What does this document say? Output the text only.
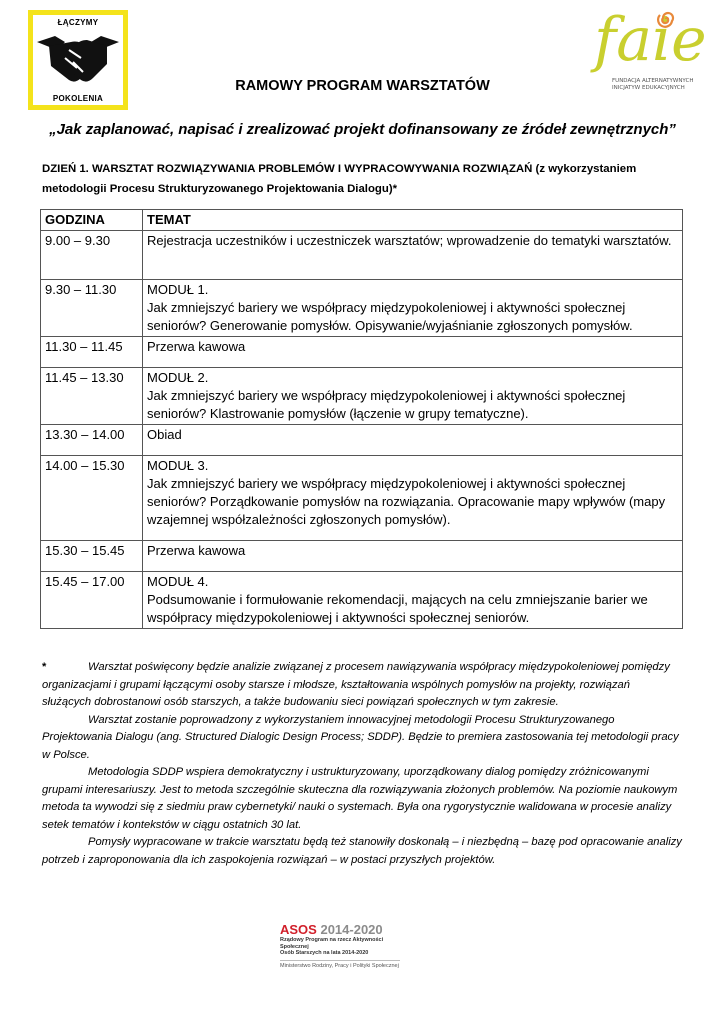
ŁĄCZYMY
POKOLENIA
faie
FUNDACJA ALTERNATYWNYCH
INICJATYW EDUKACYJNYCH
RAMOWY PROGRAM WARSZTATÓW
„Jak zaplanować, napisać i zrealizować projekt dofinansowany ze źródeł zewnętrznych”
DZIEŃ 1. WARSZTAT ROZWIĄZYWANIA PROBLEMÓW I WYPRACOWYWANIA ROZWIĄZAŃ (z wykorzystaniem metodologii Procesu Strukturyzowanego Projektowania Dialogu)*
GODZINA	TEMAT
9.00 – 9.30	Rejestracja uczestników i uczestniczek warsztatów; wprowadzenie do tematyki warsztatów.

9.30 – 11.30	MODUŁ 1.
Jak zmniejszyć bariery we współpracy międzypokoleniowej i aktywności społecznej seniorów? Generowanie pomysłów. Opisywanie/wyjaśnianie zgłoszonych pomysłów.

11.30 – 11.45	Przerwa kawowa

11.45 – 13.30	MODUŁ 2.
Jak zmniejszyć bariery we współpracy międzypokoleniowej i aktywności społecznej seniorów? Klastrowanie pomysłów (łączenie w grupy tematyczne).

13.30 – 14.00	Obiad

14.00 – 15.30	MODUŁ 3.
Jak zmniejszyć bariery we współpracy międzypokoleniowej i aktywności społecznej seniorów? Porządkowanie pomysłów na rozwiązania. Opracowanie mapy wpływów (mapy wzajemnej współzależności zgłoszonych pomysłów).

15.30 – 15.45	Przerwa kawowa

15.45 – 17.00	MODUŁ 4.
Podsumowanie i formułowanie rekomendacji, mających na celu zmniejszanie barier we współpracy międzypokoleniowej i aktywności społecznej seniorów.

*	Warsztat poświęcony będzie analizie związanej z procesem nawiązywania współpracy międzypokoleniowej pomiędzy organizacjami i grupami łączącymi osoby starsze i młodsze, kształtowania wspólnych pomysłów na projekty, rozwiązań służących dobrostanowi osób starszych, a także budowaniu sieci powiązań społecznych w tym zakresie.

Warsztat zostanie poprowadzony z wykorzystaniem innowacyjnej metodologii Procesu Strukturyzowanego Projektowania Dialogu (ang. Structured Dialogic Design Process; SDDP). Będzie to premiera zastosowania tej metodologii pracy w Polsce.

Metodologia SDDP wspiera demokratyczny i ustrukturyzowany, uporządkowany dialog pomiędzy zróżnicowanymi grupami interesariuszy. Jest to metoda szczególnie skuteczna dla rozwiązywania złożonych problemów. Na poziomie naukowym metoda ta wywodzi się z siedmiu praw cybernetyki/ nauki o systemach. Była ona rygorystycznie walidowana w procesie analizy setek tematów i kontekstów w ciągu ostatnich 30 lat.

Pomysły wypracowane w trakcie warsztatu będą też stanowiły doskonałą – i niezbędną – bazę pod opracowanie analizy potrzeb i zaproponowania dla ich zaspokojenia rozwiązań – w postaci przyszłych projektów.

ASOS 2014-2020
Rządowy Program na rzecz Aktywności Społecznej
Osób Starszych na lata 2014-2020
Ministerstwo Rodziny, Pracy i Polityki Społecznej
